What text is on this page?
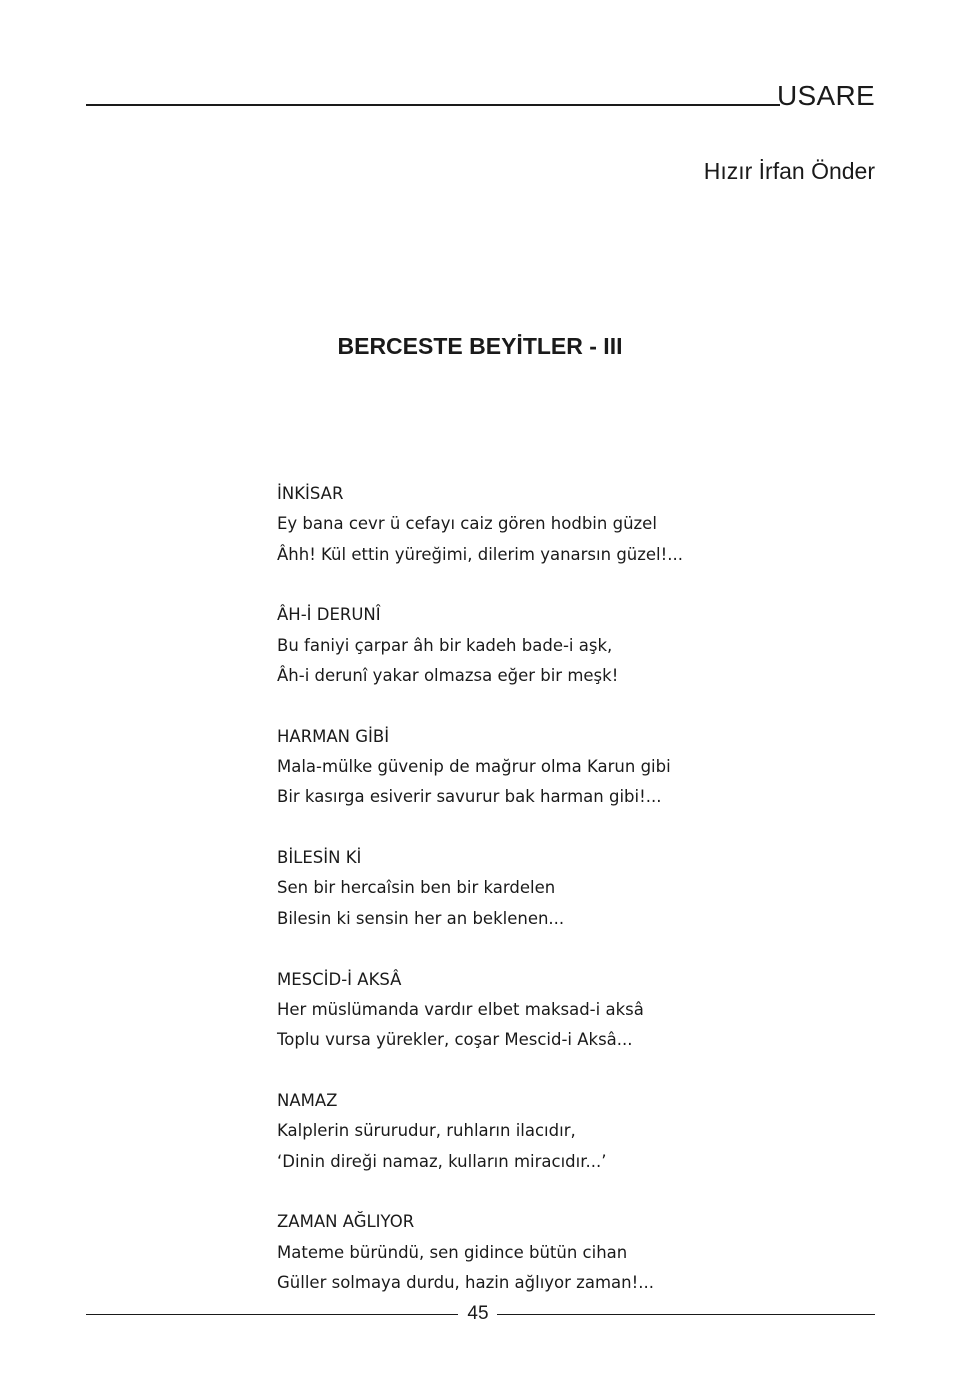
USARE
Hızır İrfan Önder
BERCESTE BEYİTLER - III
İNKİSAR
Ey bana cevr ü cefayı caiz gören hodbin güzel
Âhh! Kül ettin yüreğimi, dilerim yanarsın güzel!...
ÂH-İ DERUNÎ
Bu faniyi çarpar âh bir kadeh bade-i aşk,
Âh-i derunî yakar olmazsa eğer bir meşk!
HARMAN GİBİ
Mala-mülke güvenip de mağrur olma Karun gibi
Bir kasırga esiverir savurur bak harman gibi!...
BİLESİN Kİ
Sen bir hercaîsin ben bir kardelen
Bilesin ki sensin her an beklenen...
MESCİD-İ AKSÂ
Her müslümanda vardır elbet maksad-i aksâ
Toplu vursa yürekler, coşar Mescid-i Aksâ...
NAMAZ
Kalplerin sürurudur, ruhların ilacıdır,
‘Dinin direği namaz, kulların miracıdır...’
ZAMAN AĞLIYOR
Mateme büründü, sen gidince bütün cihan
Güller solmaya durdu, hazin ağlıyor zaman!...
45
